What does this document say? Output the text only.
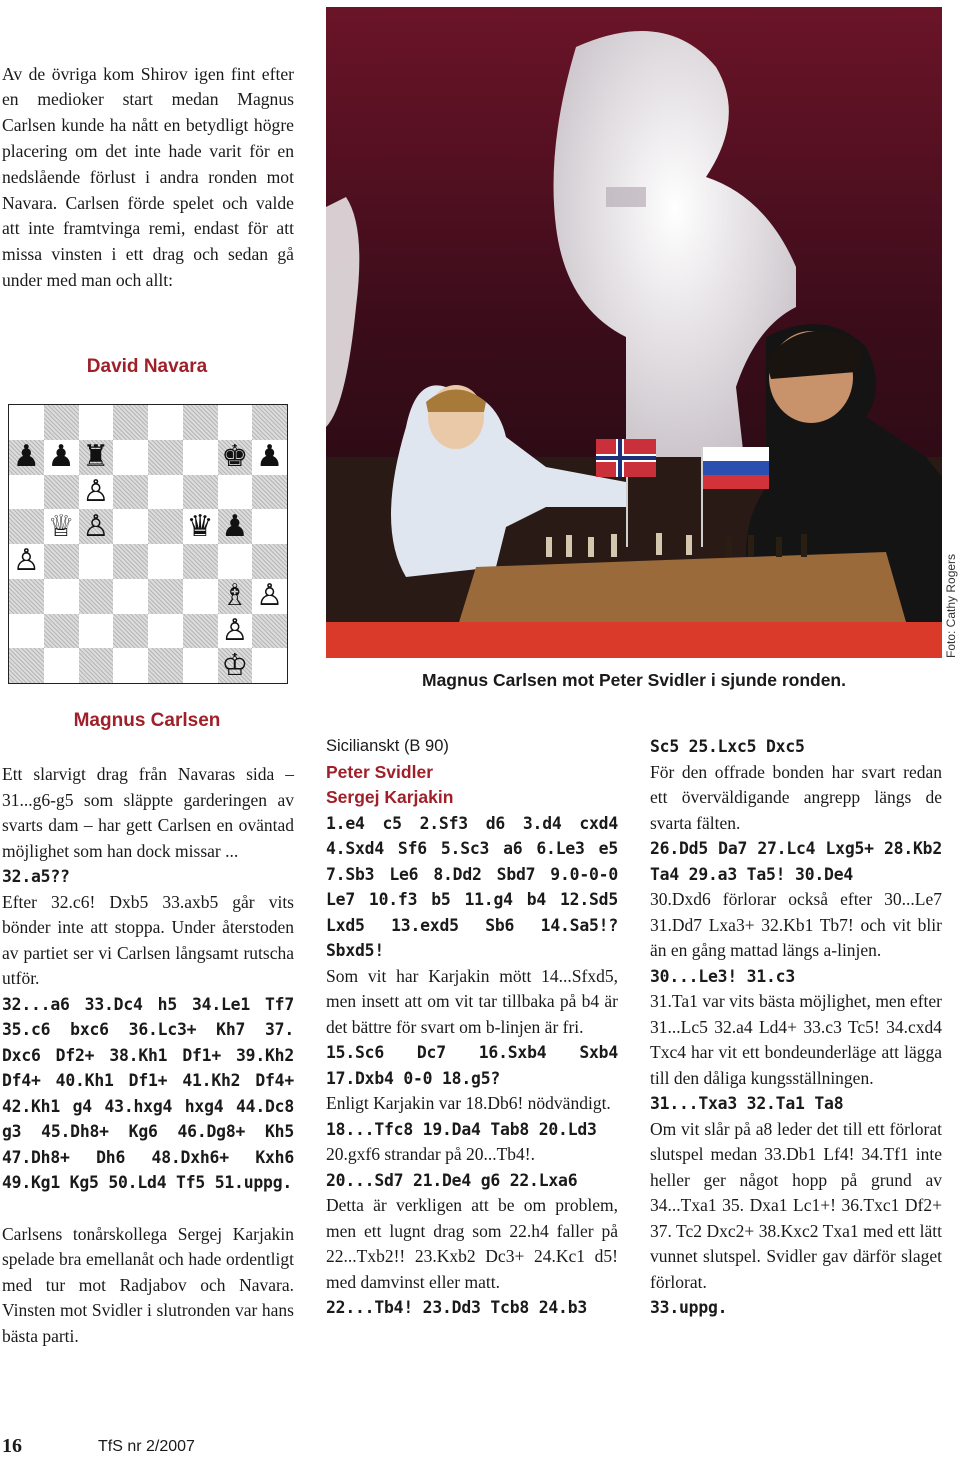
Av de övriga kom Shirov igen fint efter en medioker start medan Magnus Carlsen kunde ha nått en betydligt högre placering om det inte hade varit för en nedslående förlust i andra ronden mot Navara. Carlsen förde spelet och valde att inte framtvinga remi, endast för att missa vinsten i ett drag och sedan gå under med man och allt:

David Navara
♟ ♟ ♜	♚ ♟
♙
♕ ♙	♛ ♟
♙
♗ ♙
♙
♔
Magnus Carlsen
Foto: Cathy Rogers
Magnus Carlsen mot Peter Svidler i sjunde ronden.

Ett slarvigt drag från Navaras sida – 31...g6-g5 som släppte garderingen av svarts dam – har gett Carlsen en oväntad möjlighet som han dock missar ...

32.a5??

Efter 32.c6! Dxb5 33.axb5 går vits bönder inte att stoppa. Under återstoden av partiet ser vi Carlsen långsamt rutscha utför.

32...a6 33.Dc4 h5 34.Le1 Tf7 35.c6 bxc6 36.Lc3+ Kh7 37. Dxc6 Df2+ 38.Kh1 Df1+ 39.Kh2 Df4+ 40.Kh1 Df1+ 41.Kh2 Df4+ 42.Kh1 g4 43.hxg4 hxg4 44.Dc8 g3 45.Dh8+ Kg6 46.Dg8+ Kh5 47.Dh8+ Dh6 48.Dxh6+ Kxh6 49.Kg1 Kg5 50.Ld4 Tf5 51.uppg.

Carlsens tonårskollega Sergej Karjakin spelade bra emellanåt och hade ordentligt med tur mot Radjabov och Navara. Vinsten mot Svidler i slutronden var hans bästa parti.

Sicilianskt (B 90)

Peter Svidler

Sergej Karjakin

1.e4 c5 2.Sf3 d6 3.d4 cxd4 4.Sxd4 Sf6 5.Sc3 a6 6.Le3 e5 7.Sb3 Le6 8.Dd2 Sbd7 9.0-0-0 Le7 10.f3 b5 11.g4 b4 12.Sd5 Lxd5 13.exd5 Sb6 14.Sa5!? Sbxd5!

Som vit har Karjakin mött 14...Sfxd5, men insett att om vit tar tillbaka på b4 är det bättre för svart om b-linjen är fri.

15.Sc6 Dc7 16.Sxb4 Sxb4 17.Dxb4 0-0 18.g5?

Enligt Karjakin var 18.Db6! nödvändigt.

18...Tfc8 19.Da4 Tab8 20.Ld3

20.gxf6 strandar på 20...Tb4!.

20...Sd7 21.De4 g6 22.Lxa6

Detta är verkligen att be om problem, men ett lugnt drag som 22.h4 faller på 22...Txb2!! 23.Kxb2 Dc3+ 24.Kc1 d5! med damvinst eller matt.

22...Tb4! 23.Dd3 Tcb8 24.b3

Sc5 25.Lxc5 Dxc5

För den offrade bonden har svart redan ett överväldigande angrepp längs de svarta fälten.

26.Dd5 Da7 27.Lc4 Lxg5+ 28.Kb2 Ta4 29.a3 Ta5! 30.De4

30.Dxd6 förlorar också efter 30...Le7 31.Dd7 Lxa3+ 32.Kb1 Tb7! och vit blir än en gång mattad längs a-linjen.

30...Le3! 31.c3

31.Ta1 var vits bästa möjlighet, men efter 31...Lc5 32.a4 Ld4+ 33.c3 Tc5! 34.cxd4 Txc4 har vit ett bondeunderläge att lägga till den dåliga kungsställningen.

31...Txa3 32.Ta1 Ta8

Om vit slår på a8 leder det till ett förlorat slutspel medan 33.Db1 Lf4! 34.Tf1 inte heller ger något hopp på grund av 34...Txa1 35. Dxa1 Lc1+! 36.Txc1 Df2+ 37. Tc2 Dxc2+ 38.Kxc2 Txa1 med ett lätt vunnet slutspel. Svidler gav därför slaget förlorat.

33.uppg.

16	TfS nr 2/2007
